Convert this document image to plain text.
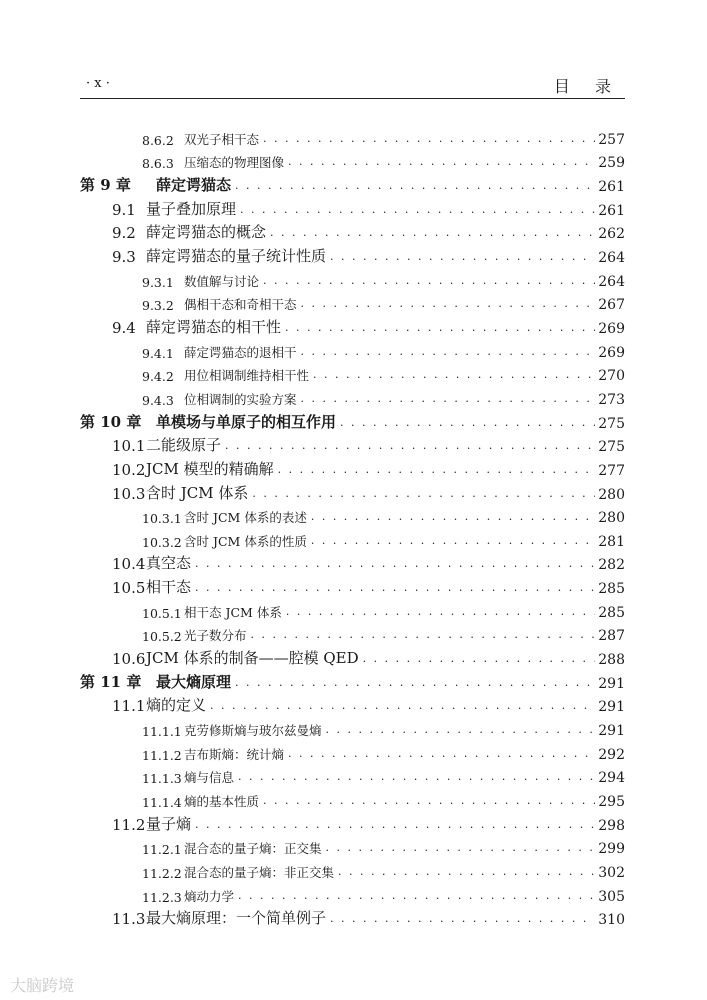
· x ·	目 录
8.6.2 双光子相干态 · · ·	257
8.6.3 压缩态的物理图像 · · ·	259
第 9 章	薛定谔猫态 · · ·	261
9.1 量子叠加原理 · · ·	261
9.2 薛定谔猫态的概念 · · ·	262
9.3 薛定谔猫态的量子统计性质 · · ·	264
9.3.1 数值解与讨论 · · ·	264
9.3.2 偶相干态和奇相干态 · · ·	267
9.4 薛定谔猫态的相干性 · · ·	269
9.4.1 薛定谔猫态的退相干 · · ·	269
9.4.2 用位相调制维持相干性 · · ·	270
9.4.3 位相调制的实验方案 · · ·	273
第 10 章 单模场与单原子的相互作用 · · ·	275
10.1 二能级原子 · · ·	275
10.2 JCM 模型的精确解 · · ·	277
10.3 含时 JCM 体系 · · ·	280
10.3.1 含时 JCM 体系的表述 · · ·	280
10.3.2 含时 JCM 体系的性质 · · ·	281
10.4 真空态 · · ·	282
10.5 相干态 · · ·	285
10.5.1 相干态 JCM 体系 · · ·	285
10.5.2 光子数分布 · · ·	287
10.6 JCM 体系的制备——腔模 QED · · ·	288
第 11 章 最大熵原理 · · ·	291
11.1 熵的定义 · · ·	291
11.1.1 克劳修斯熵与玻尔兹曼熵 · · ·	291
11.1.2 吉布斯熵：统计熵 · · ·	292
11.1.3 熵与信息 · · ·	294
11.1.4 熵的基本性质 · · ·	295
11.2 量子熵 · · ·	298
11.2.1 混合态的量子熵：正交集 · · ·	299
11.2.2 混合态的量子熵：非正交集 · · ·	302
11.2.3 熵动力学 · · ·	305
11.3 最大熵原理：一个简单例子 · · ·	310
大脑跨境
